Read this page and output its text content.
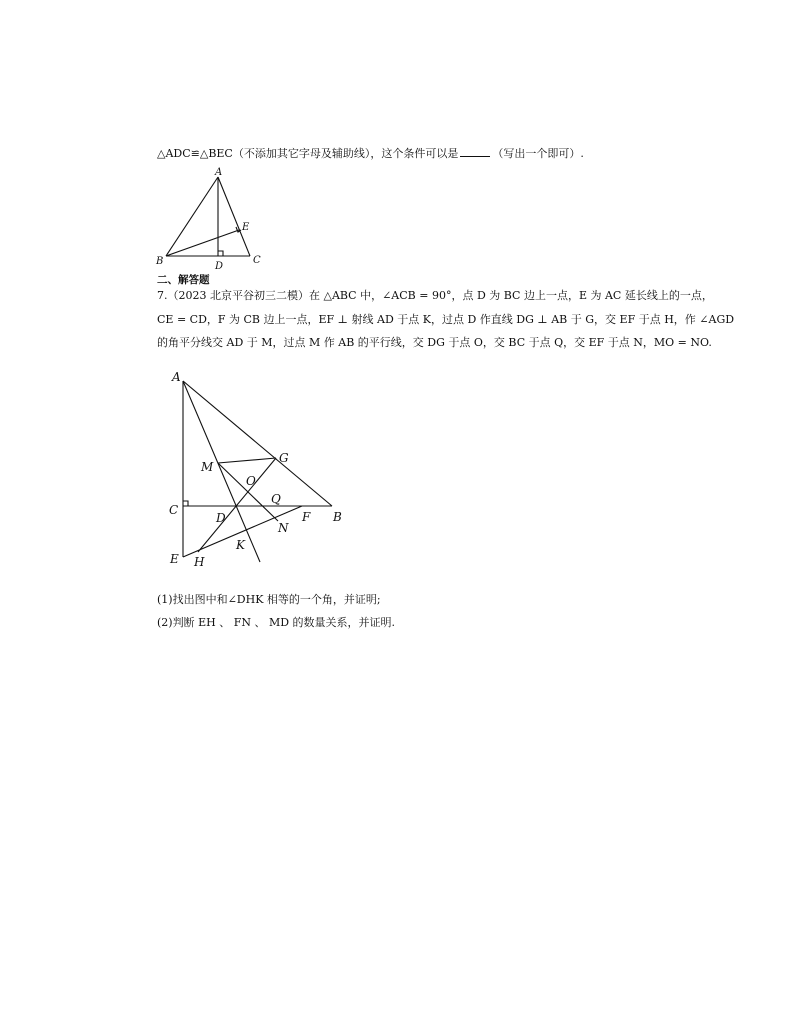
△ADC≌△BEC（不添加其它字母及辅助线），这个条件可以是	（写出一个即可）.
A
B	C
D
E
二、解答题
7.（2023 北京平谷初三二模）在 △ABC 中，∠ACB = 90°，点 D 为 BC 边上一点，E 为 AC 延长线上的一点，
CE = CD，F 为 CB 边上一点，EF ⊥ 射线 AD 于点 K，过点 D 作直线 DG ⊥ AB 于 G，交 EF 于点 H，作 ∠AGD
的角平分线交 AD 于 M，过点 M 作 AB 的平行线，交 DG 于点 O，交 BC 于点 Q，交 EF 于点 N，MO = NO.
A
G
M
O
Q
C
D	F B
N
K
E H
(1)找出图中和∠DHK 相等的一个角，并证明;
(2)判断 EH 、 FN 、 MD 的数量关系，并证明.
